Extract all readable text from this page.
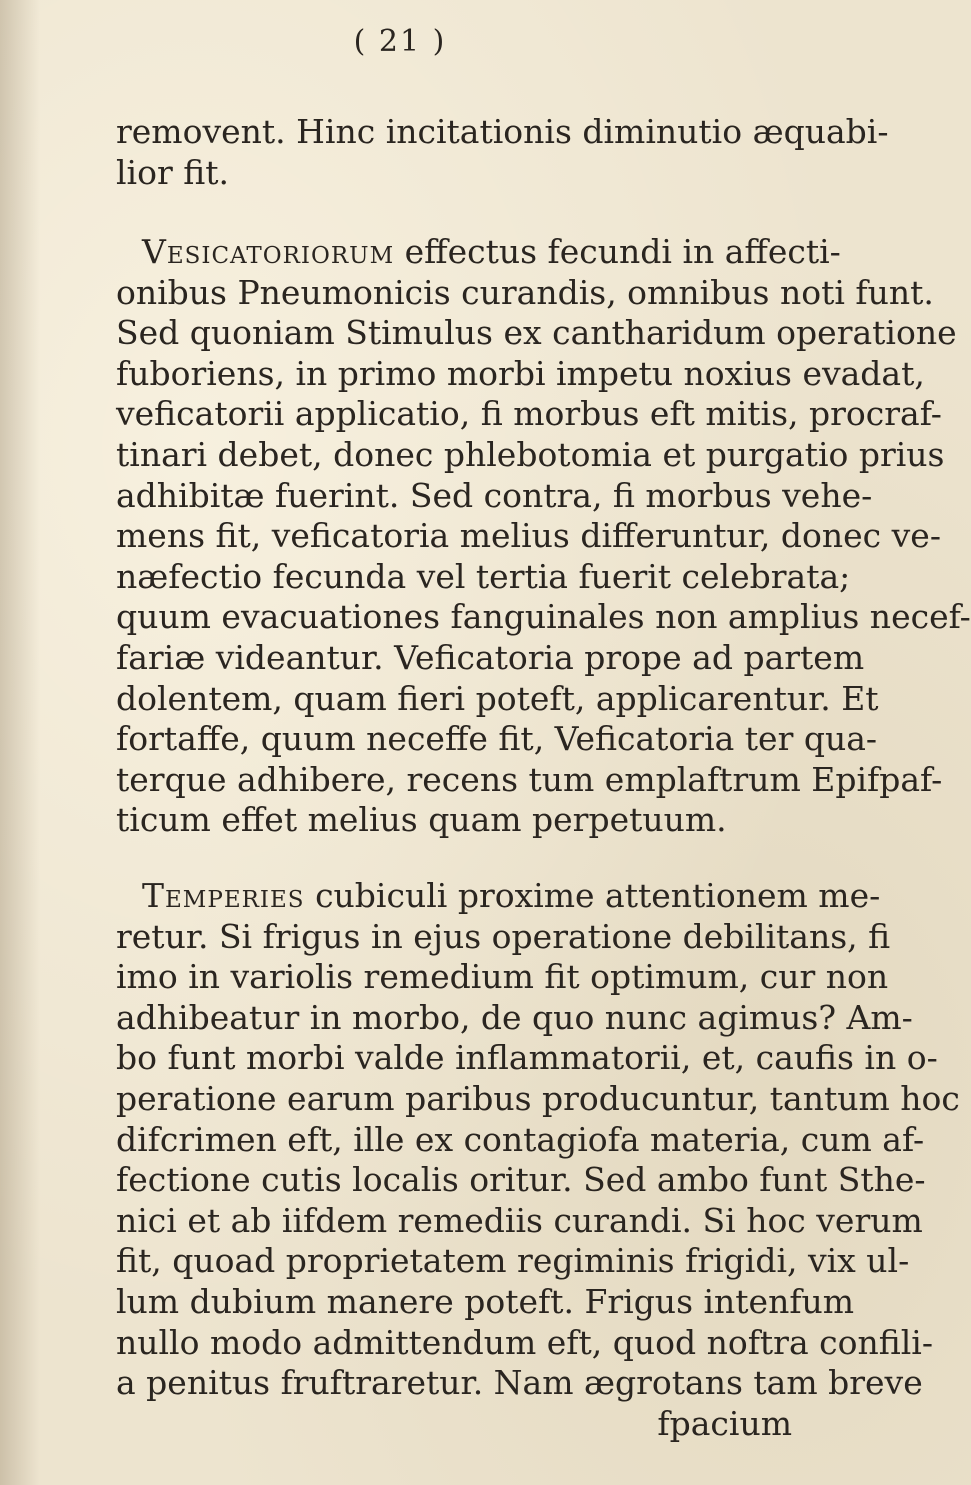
( 21 )
removent. Hinc incitationis diminutio æquabi-
lior fit.
Vesicatoriorum effectus fecundi in affecti-
onibus Pneumonicis curandis, omnibus noti funt.
Sed quoniam Stimulus ex cantharidum operatione
fuboriens, in primo morbi impetu noxius evadat,
veficatorii applicatio, fi morbus eft mitis, procraf-
tinari debet, donec phlebotomia et purgatio prius
adhibitæ fuerint. Sed contra, fi morbus vehe-
mens fit, veficatoria melius differuntur, donec ve-
næfectio fecunda vel tertia fuerit celebrata;
quum evacuationes fanguinales non amplius necef-
fariæ videantur. Veficatoria prope ad partem
dolentem, quam fieri poteft, applicarentur. Et
fortaffe, quum neceffe fit, Veficatoria ter qua-
terque adhibere, recens tum emplaftrum Epifpaf-
ticum effet melius quam perpetuum.
Temperies cubiculi proxime attentionem me-
retur. Si frigus in ejus operatione debilitans, fi
imo in variolis remedium fit optimum, cur non
adhibeatur in morbo, de quo nunc agimus? Am-
bo funt morbi valde inflammatorii, et, caufis in o-
peratione earum paribus producuntur, tantum hoc
difcrimen eft, ille ex contagiofa materia, cum af-
fectione cutis localis oritur. Sed ambo funt Sthe-
nici et ab iifdem remediis curandi. Si hoc verum
fit, quoad proprietatem regiminis frigidi, vix ul-
lum dubium manere poteft. Frigus intenfum
nullo modo admittendum eft, quod noftra confili-
a penitus fruftraretur. Nam ægrotans tam breve
fpacium
